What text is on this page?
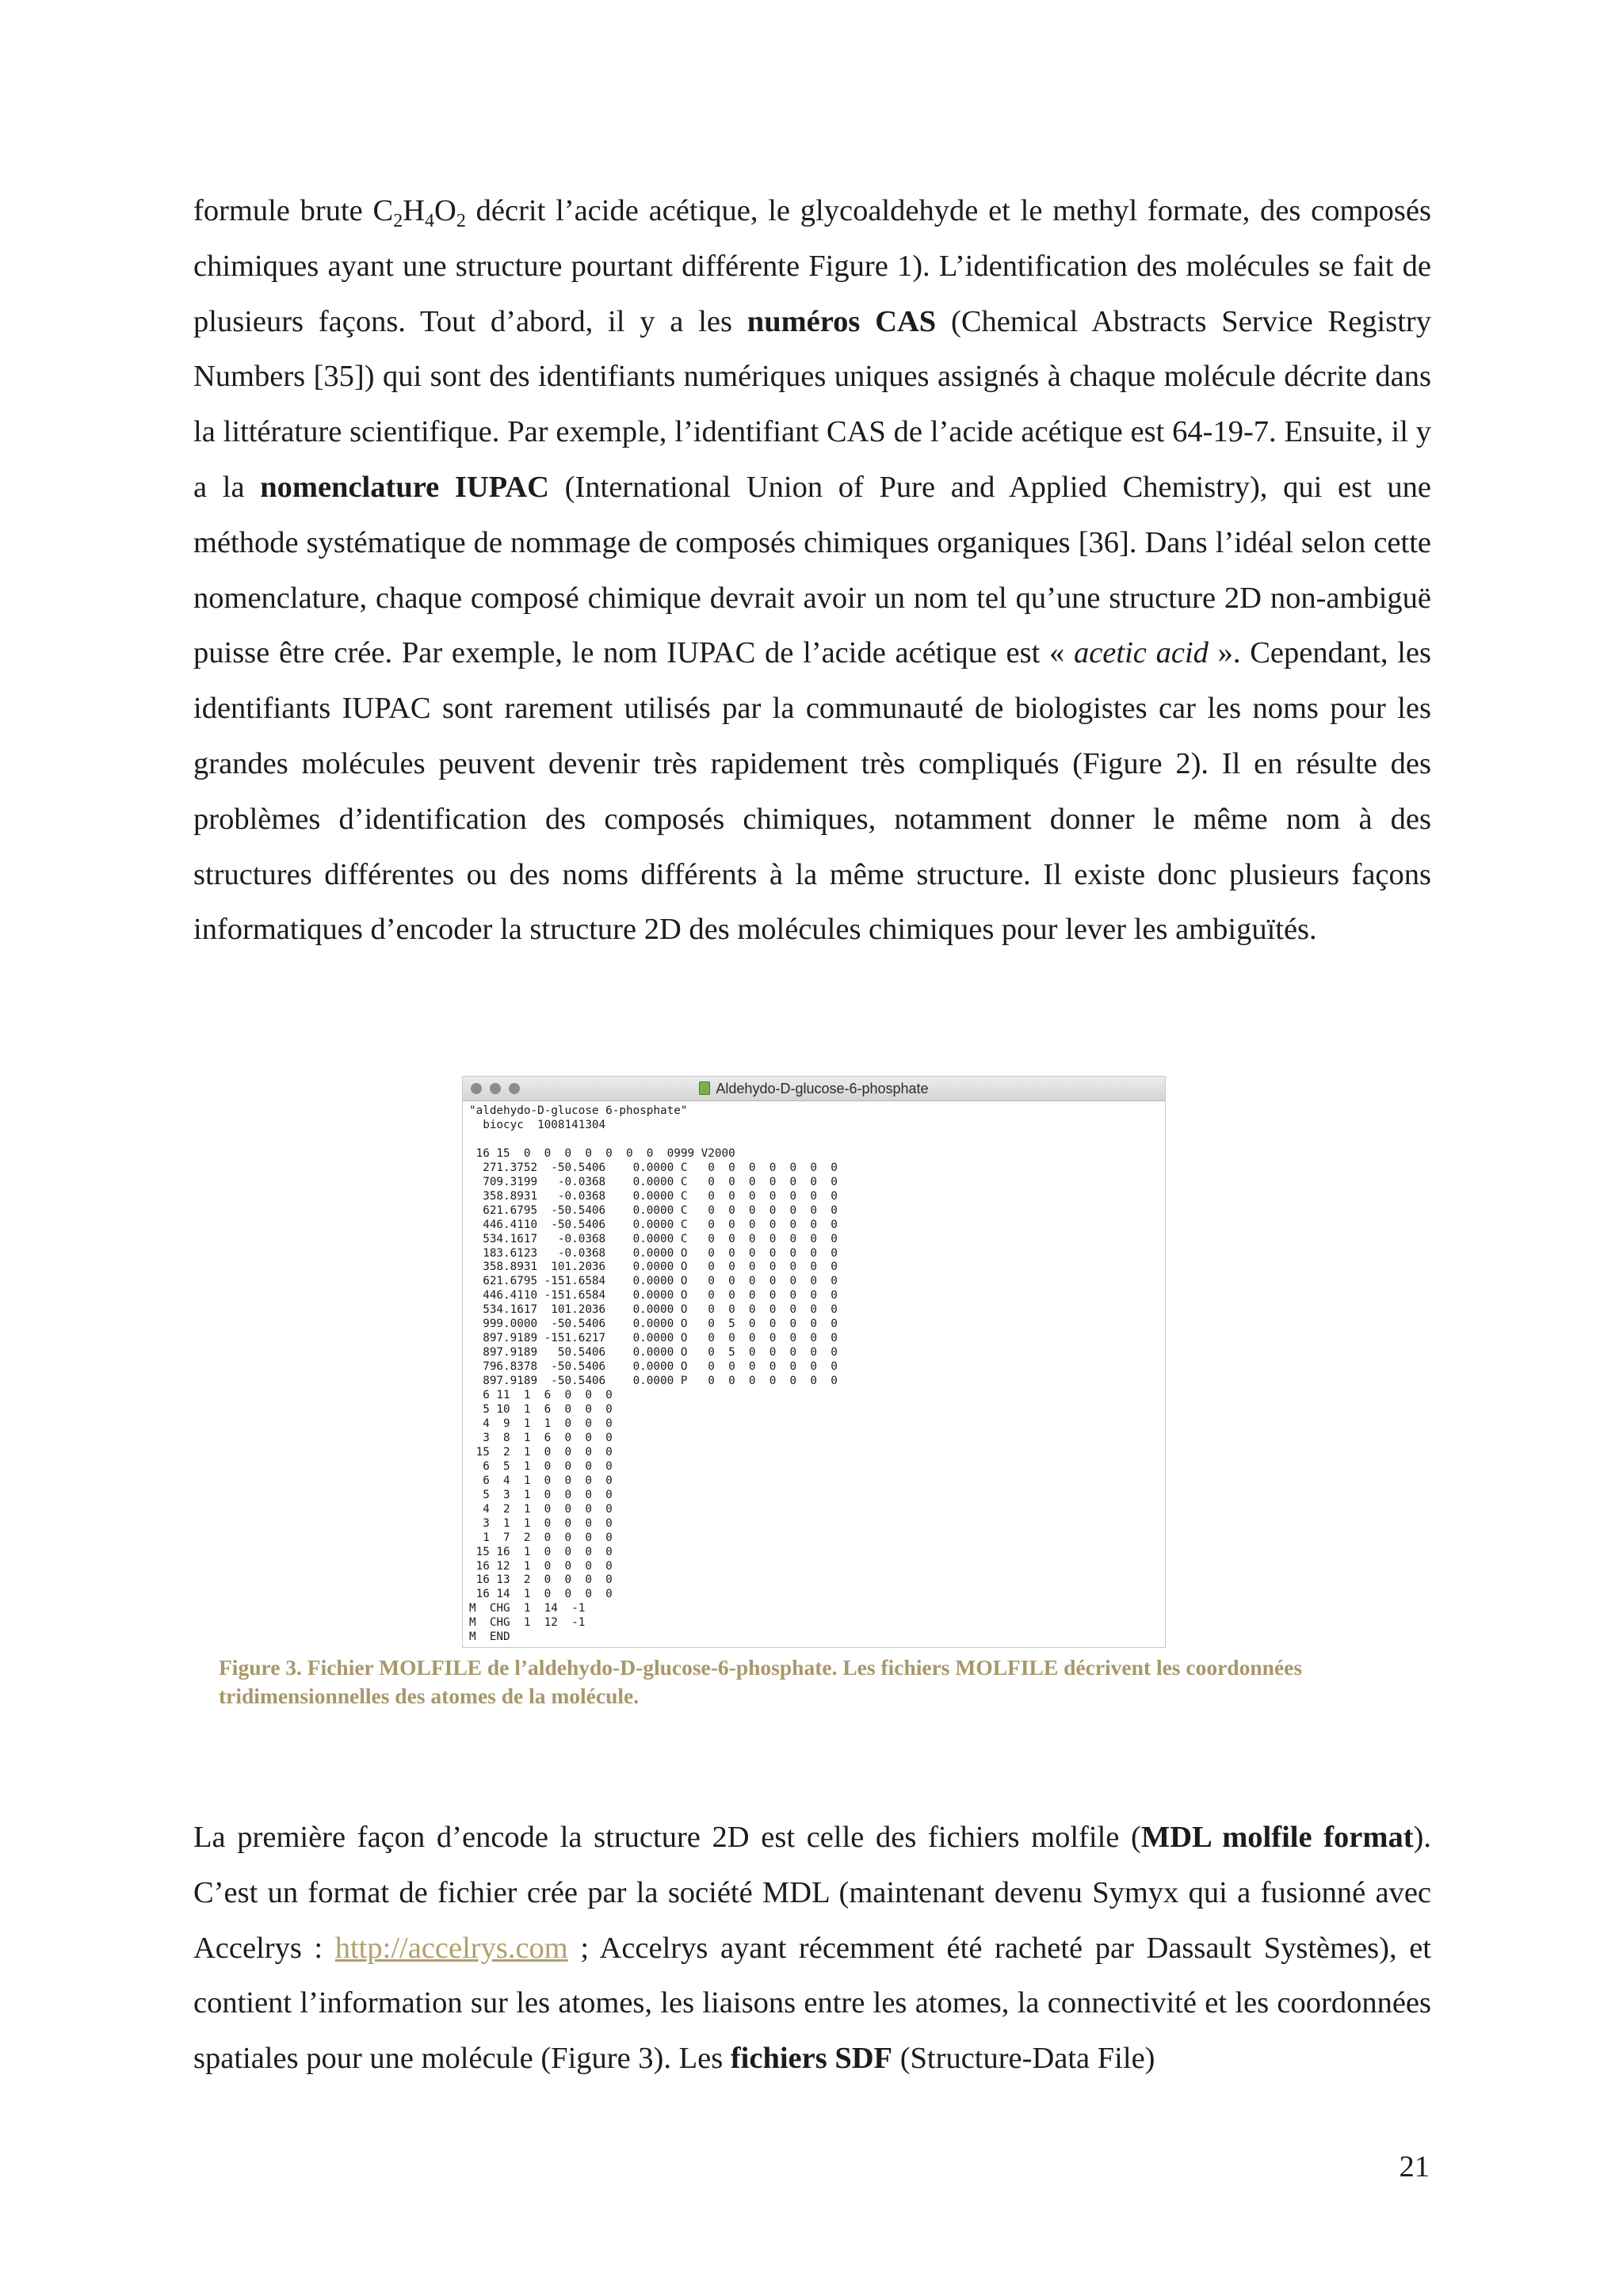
formule brute $C_2H_4O_2$ décrit l’acide acétique, le glycoaldehyde et le methyl formate, des composés chimiques ayant une structure pourtant différente Figure 1). L’identification des molécules se fait de plusieurs façons. Tout d’abord, il y a les numéros CAS (Chemical Abstracts Service Registry Numbers [35]) qui sont des identifiants numériques uniques assignés à chaque molécule décrite dans la littérature scientifique. Par exemple, l’identifiant CAS de l’acide acétique est 64-19-7. Ensuite, il y a la nomenclature IUPAC (International Union of Pure and Applied Chemistry), qui est une méthode systématique de nommage de composés chimiques organiques [36]. Dans l’idéal selon cette nomenclature, chaque composé chimique devrait avoir un nom tel qu’une structure 2D non-ambiguë puisse être crée. Par exemple, le nom IUPAC de l’acide acétique est « acetic acid ». Cependant, les identifiants IUPAC sont rarement utilisés par la communauté de biologistes car les noms pour les grandes molécules peuvent devenir très rapidement très compliqués (Figure 2). Il en résulte des problèmes d’identification des composés chimiques, notamment donner le même nom à des structures différentes ou des noms différents à la même structure. Il existe donc plusieurs façons informatiques d’encoder la structure 2D des molécules chimiques pour lever les ambiguïtés.

Aldehydo-D-glucose-6-phosphate
"aldehydo-D-glucose 6-phosphate"
biocyc  1008141304

16 15  0  0  0  0  0  0  0  0999 V2000
271.3752  -50.5406    0.0000 C   0  0  0  0  0  0  0
709.3199   -0.0368    0.0000 C   0  0  0  0  0  0  0
358.8931   -0.0368    0.0000 C   0  0  0  0  0  0  0
621.6795  -50.5406    0.0000 C   0  0  0  0  0  0  0
446.4110  -50.5406    0.0000 C   0  0  0  0  0  0  0
534.1617   -0.0368    0.0000 C   0  0  0  0  0  0  0
183.6123   -0.0368    0.0000 O   0  0  0  0  0  0  0
358.8931  101.2036    0.0000 O   0  0  0  0  0  0  0
621.6795 -151.6584    0.0000 O   0  0  0  0  0  0  0
446.4110 -151.6584    0.0000 O   0  0  0  0  0  0  0
534.1617  101.2036    0.0000 O   0  0  0  0  0  0  0
999.0000  -50.5406    0.0000 O   0  5  0  0  0  0  0
897.9189 -151.6217    0.0000 O   0  0  0  0  0  0  0
897.9189   50.5406    0.0000 O   0  5  0  0  0  0  0
796.8378  -50.5406    0.0000 O   0  0  0  0  0  0  0
897.9189  -50.5406    0.0000 P   0  0  0  0  0  0  0
6 11  1  6  0  0  0
5 10  1  6  0  0  0
4  9  1  1  0  0  0
3  8  1  6  0  0  0
15  2  1  0  0  0  0
6  5  1  0  0  0  0
6  4  1  0  0  0  0
5  3  1  0  0  0  0
4  2  1  0  0  0  0
3  1  1  0  0  0  0
1  7  2  0  0  0  0
15 16  1  0  0  0  0
16 12  1  0  0  0  0
16 13  2  0  0  0  0
16 14  1  0  0  0  0
M  CHG  1  14  -1
M  CHG  1  12  -1
M  END

Figure 3. Fichier MOLFILE de l’aldehydo-D-glucose-6-phosphate. Les fichiers MOLFILE décrivent les coordonnées tridimensionnelles des atomes de la molécule.

La première façon d’encode la structure 2D est celle des fichiers molfile (MDL molfile format). C’est un format de fichier crée par la société MDL (maintenant devenu Symyx qui a fusionné avec Accelrys : http://accelrys.com ; Accelrys ayant récemment été racheté par Dassault Systèmes), et contient l’information sur les atomes, les liaisons entre les atomes, la connectivité et les coordonnées spatiales pour une molécule (Figure 3). Les fichiers SDF (Structure-Data File)

21
